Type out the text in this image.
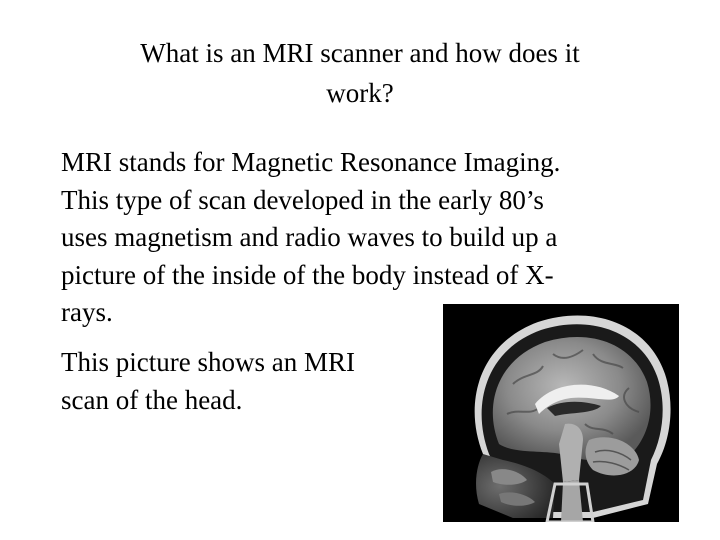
What is an MRI scanner and how does it
work?

MRI stands for Magnetic Resonance Imaging.
This type of scan developed in the early 80’s
uses magnetism and radio waves to build up a
picture of the inside of the body instead of X-
rays.

This picture shows an MRI
scan of the head.
